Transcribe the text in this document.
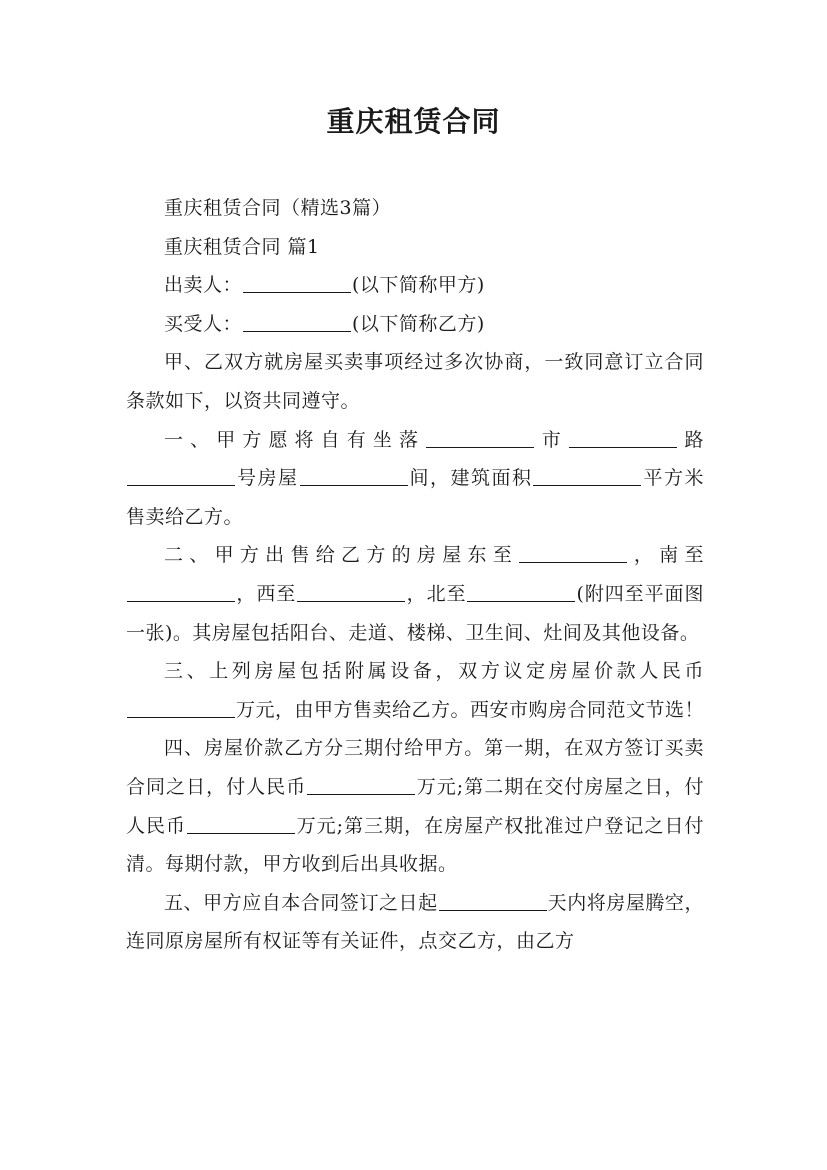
重庆租赁合同

重庆租赁合同（精选3篇）

重庆租赁合同 篇1

出卖人：	(以下简称甲方)

买受人：	(以下简称乙方)

甲、乙双方就房屋买卖事项经过多次协商，一致同意订立合同条款如下，以资共同遵守。

一、甲方愿将自有坐落	市	路号房屋	间，建筑面积	平方米售卖给乙方。

二、甲方出售给乙方的房屋东至	，南至，西至	，北至	(附四至平面图一张)。其房屋包括阳台、走道、楼梯、卫生间、灶间及其他设备。

三、上列房屋包括附属设备，双方议定房屋价款人民币万元，由甲方售卖给乙方。西安市购房合同范文节选！

四、房屋价款乙方分三期付给甲方。第一期，在双方签订买卖合同之日，付人民币	万元;第二期在交付房屋之日，付人民币	万元;第三期，在房屋产权批准过户登记之日付清。每期付款，甲方收到后出具收据。

五、甲方应自本合同签订之日起	天内将房屋腾空，连同原房屋所有权证等有关证件，点交乙方，由乙方
